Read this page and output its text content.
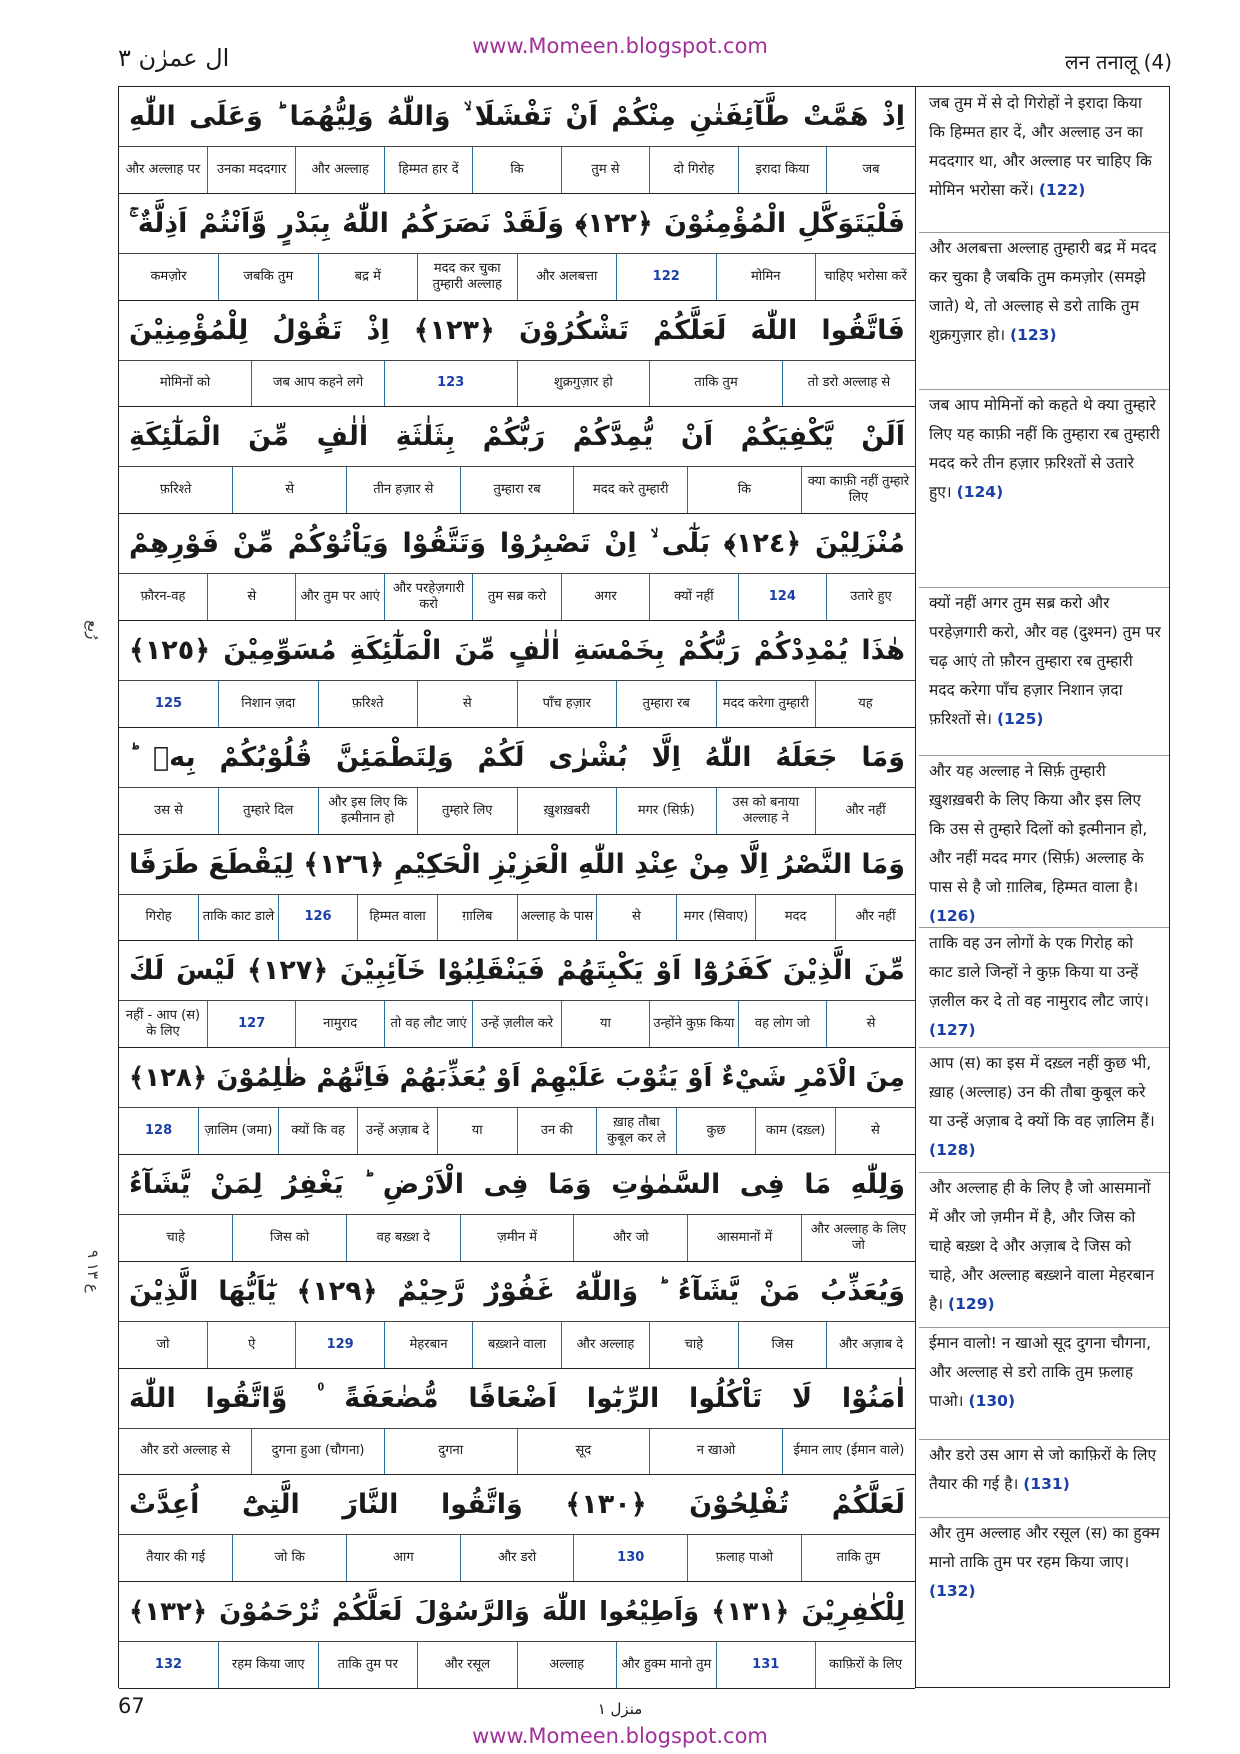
www.Momeen.blogspot.com
ال عمرٰن ٣	लन तनालू (4)
رُبع
ع ١٣ ٩
اِذْ هَمَّتْ طَّآئِفَتٰنِ مِنْكُمْ اَنْ تَفْشَلَا ۙ وَاللّٰهُ وَلِيُّهُمَا ؕ وَعَلَى اللّٰهِ
जब	इरादा किया	दो गिरोह	तुम से	कि	हिम्मत हार दें	और अल्लाह	उनका मददगार	और अल्लाह पर
فَلْيَتَوَكَّلِ الْمُؤْمِنُوْنَ ﴿١٢٢﴾ وَلَقَدْ نَصَرَكُمُ اللّٰهُ بِبَدْرٍ وَّاَنْتُمْ اَذِلَّةٌ ۚ
चाहिए भरोसा करें	मोमिन	122	और अलबत्ता	मदद कर चुका तुम्हारी अल्लाह	बद्र में	जबकि तुम	कमज़ोर
فَاتَّقُوا اللّٰهَ لَعَلَّكُمْ تَشْكُرُوْنَ ﴿١٢٣﴾ اِذْ تَقُوْلُ لِلْمُؤْمِنِيْنَ
तो डरो अल्लाह से	ताकि तुम	शुक्रगुज़ार हो	123	जब आप कहने लगे	मोमिनों को
اَلَنْ يَّكْفِيَكُمْ اَنْ يُّمِدَّكُمْ رَبُّكُمْ بِثَلٰثَةِ اٰلٰفٍ مِّنَ الْمَلٰٓئِكَةِ
क्या काफ़ी नहीं तुम्हारे लिए	कि	मदद करे तुम्हारी	तुम्हारा रब	तीन हज़ार से	से	फ़रिश्ते
مُنْزَلِيْنَ ﴿١٢٤﴾ بَلٰٓى ۙ اِنْ تَصْبِرُوْا وَتَتَّقُوْا وَيَاْتُوْكُمْ مِّنْ فَوْرِهِمْ
उतारे हुए	124	क्यों नहीं	अगर	तुम सब्र करो	और परहेज़गारी करो	और तुम पर आएं	से	फ़ौरन-वह
هٰذَا يُمْدِدْكُمْ رَبُّكُمْ بِخَمْسَةِ اٰلٰفٍ مِّنَ الْمَلٰٓئِكَةِ مُسَوِّمِيْنَ ﴿١٢٥﴾
यह	मदद करेगा तुम्हारी	तुम्हारा रब	पाँच हज़ार	से	फ़रिश्ते	निशान ज़दा	125
وَمَا جَعَلَهُ اللّٰهُ اِلَّا بُشْرٰى لَكُمْ وَلِتَطْمَئِنَّ قُلُوْبُكُمْ بِهٖ ؕ
और नहीं	उस को बनाया अल्लाह ने	मगर (सिर्फ़)	ख़ुशख़बरी	तुम्हारे लिए	और इस लिए कि इत्मीनान हो	तुम्हारे दिल	उस से
وَمَا النَّصْرُ اِلَّا مِنْ عِنْدِ اللّٰهِ الْعَزِيْزِ الْحَكِيْمِ ﴿١٢٦﴾ لِيَقْطَعَ طَرَفًا
और नहीं	मदद	मगर (सिवाए)	से	अल्लाह के पास	ग़ालिब	हिम्मत वाला	126	ताकि काट डाले	गिरोह
مِّنَ الَّذِيْنَ كَفَرُوْٓا اَوْ يَكْبِتَهُمْ فَيَنْقَلِبُوْا خَآئِبِيْنَ ﴿١٢٧﴾ لَيْسَ لَكَ
से	वह लोग जो	उन्होंने कुफ़ किया	या	उन्हें ज़लील करे	तो वह लौट जाएं	नामुराद	127	नहीं - आप (स) के लिए
مِنَ الْاَمْرِ شَيْءٌ اَوْ يَتُوْبَ عَلَيْهِمْ اَوْ يُعَذِّبَهُمْ فَاِنَّهُمْ ظٰلِمُوْنَ ﴿١٢٨﴾
से	काम (दख़्ल)	कुछ	ख़ाह तौबा कुबूल कर ले	उन की	या	उन्हें अज़ाब दे	क्यों कि वह	ज़ालिम (जमा)	128
وَلِلّٰهِ مَا فِى السَّمٰوٰتِ وَمَا فِى الْاَرْضِ ؕ يَغْفِرُ لِمَنْ يَّشَآءُ
और अल्लाह के लिए जो	आसमानों में	और जो	ज़मीन में	वह बख़्श दे	जिस को	चाहे
وَيُعَذِّبُ مَنْ يَّشَآءُ ؕ وَاللّٰهُ غَفُوْرٌ رَّحِيْمٌ ﴿١٢٩﴾ يٰٓاَيُّهَا الَّذِيْنَ
और अज़ाब दे	जिस	चाहे	और अल्लाह	बख़्शने वाला	मेहरबान	129	ऐ	जो
اٰمَنُوْا لَا تَاْكُلُوا الرِّبٰٓوا اَضْعَافًا مُّضٰعَفَةً ۠ وَّاتَّقُوا اللّٰهَ
ईमान लाए (ईमान वाले)	न खाओ	सूद	दुगना	दुगना हुआ (चौगना)	और डरो अल्लाह से
لَعَلَّكُمْ تُفْلِحُوْنَ ﴿١٣٠﴾ وَاتَّقُوا النَّارَ الَّتِىْٓ اُعِدَّتْ
ताकि तुम	फ़लाह पाओ	130	और डरो	आग	जो कि	तैयार की गई
لِلْكٰفِرِيْنَ ﴿١٣١﴾ وَاَطِيْعُوا اللّٰهَ وَالرَّسُوْلَ لَعَلَّكُمْ تُرْحَمُوْنَ ﴿١٣٢﴾
काफ़िरों के लिए	131	और हुक्म मानो तुम	अल्लाह	और रसूल	ताकि तुम पर	रहम किया जाए	132
जब तुम में से दो गिरोहों ने इरादा किया कि हिम्मत हार दें, और अल्लाह उन का मददगार था, और अल्लाह पर चाहिए कि मोमिन भरोसा करें। (122)
और अलबत्ता अल्लाह तुम्हारी बद्र में मदद कर चुका है जबकि तुम कमज़ोर (समझे जाते) थे, तो अल्लाह से डरो ताकि तुम शुक्रगुज़ार हो। (123)
जब आप मोमिनों को कहते थे क्या तुम्हारे लिए यह काफ़ी नहीं कि तुम्हारा रब तुम्हारी मदद करे तीन हज़ार फ़रिश्तों से उतारे हुए। (124)
क्यों नहीं अगर तुम सब्र करो और परहेज़गारी करो, और वह (दुश्मन) तुम पर चढ़ आएं तो फ़ौरन तुम्हारा रब तुम्हारी मदद करेगा पाँच हज़ार निशान ज़दा फ़रिश्तों से। (125)
और यह अल्लाह ने सिर्फ़ तुम्हारी ख़ुशख़बरी के लिए किया और इस लिए कि उस से तुम्हारे दिलों को इत्मीनान हो, और नहीं मदद मगर (सिर्फ़) अल्लाह के पास से है जो ग़ालिब, हिम्मत वाला है। (126)
ताकि वह उन लोगों के एक गिरोह को काट डाले जिन्हों ने कुफ़ किया या उन्हें ज़लील कर दे तो वह नामुराद लौट जाएं। (127)
आप (स) का इस में दख़्ल नहीं कुछ भी, ख़ाह (अल्लाह) उन की तौबा कुबूल करे या उन्हें अज़ाब दे क्यों कि वह ज़ालिम हैं। (128)
और अल्लाह ही के लिए है जो आसमानों में और जो ज़मीन में है, और जिस को चाहे बख़्श दे और अज़ाब दे जिस को चाहे, और अल्लाह बख़्शने वाला मेहरबान है। (129)
ईमान वालो! न खाओ सूद दुगना चौगना, और अल्लाह से डरो ताकि तुम फ़लाह पाओ। (130)
और डरो उस आग से जो काफ़िरों के लिए तैयार की गई है। (131)
और तुम अल्लाह और रसूल (स) का हुक्म मानो ताकि तुम पर रहम किया जाए। (132)
67	منزل ١
www.Momeen.blogspot.com
